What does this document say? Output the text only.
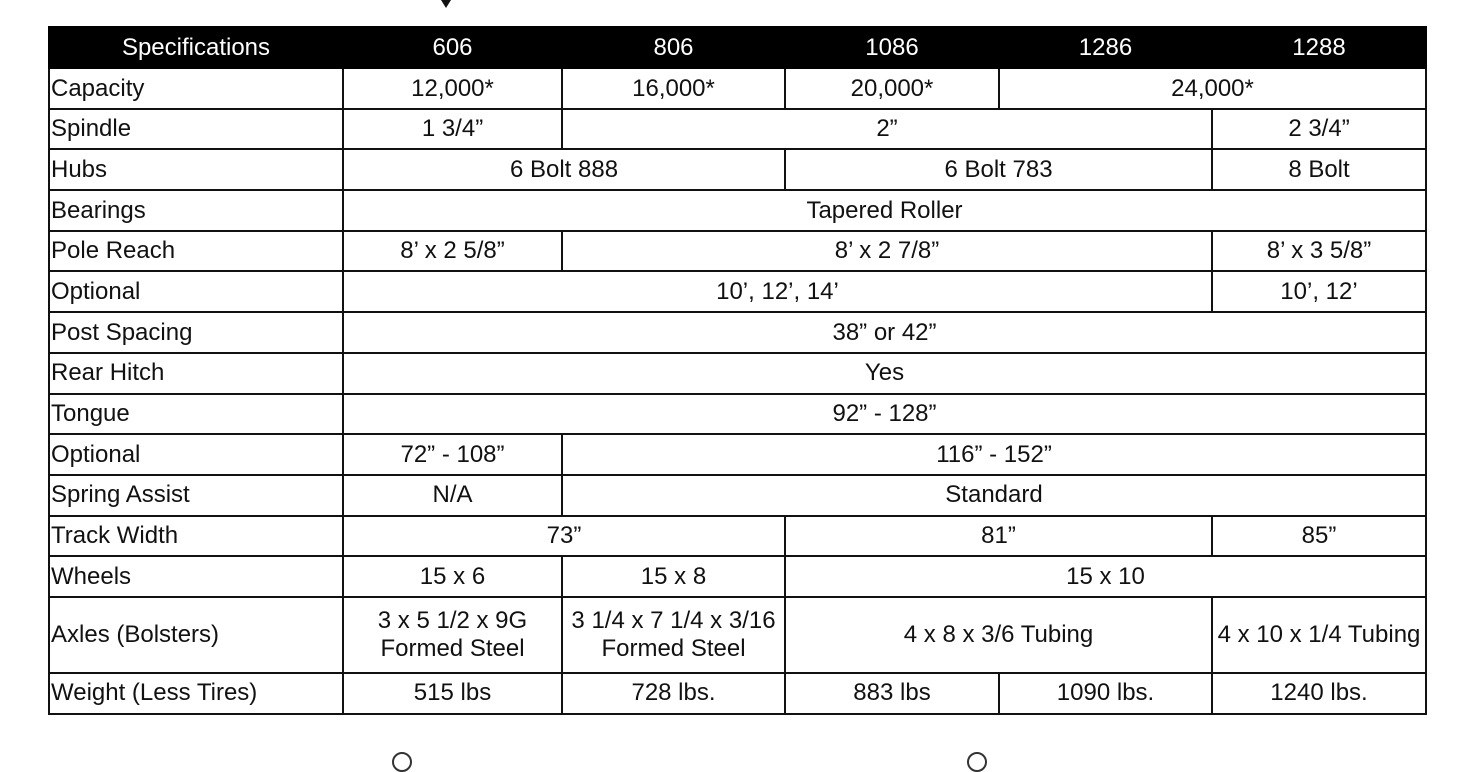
Specifications	606	806	1086	1286	1288
Capacity	12,000*	16,000*	20,000*	24,000*	
Spindle	1 3/4”	2”			2 3/4”
Hubs	6 Bolt 888		6 Bolt 783		8 Bolt
Bearings	Tapered Roller				
Pole Reach	8’ x 2 5/8”	8’ x 2 7/8”			8’ x 3 5/8”
Optional	10’, 12’, 14’				10’, 12’
Post Spacing	38” or 42”				
Rear Hitch	Yes				
Tongue	92” - 128”				
Optional	72” - 108”	116” - 152”			
Spring Assist	N/A	Standard			
Track Width	73”		81”		85”
Wheels	15 x 6	15 x 8	15 x 10		
Axles (Bolsters)	3 x 5 1/2 x 9G Formed Steel	3 1/4 x 7 1/4 x 3/16 Formed Steel	4 x 8 x 3/6 Tubing		4 x 10 x 1/4 Tubing
Weight (Less Tires)	515 lbs	728 lbs.	883 lbs	1090 lbs.	1240 lbs.
